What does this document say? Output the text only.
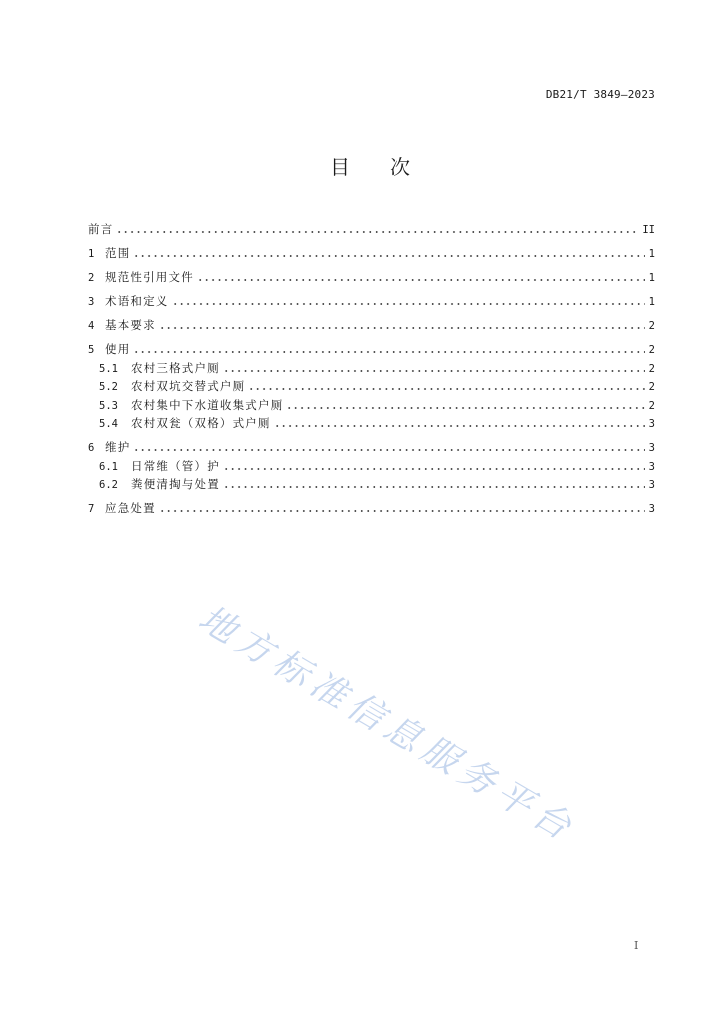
DB21/T 3849—2023
目　　次
前言	II
1 范围	1
2 规范性引用文件	1
3 术语和定义	1
4 基本要求	2
5 使用	2
5.1	农村三格式户厕	2
5.2	农村双坑交替式户厕	2
5.3	农村集中下水道收集式户厕	2
5.4	农村双瓮（双格）式户厕	3
6 维护	3
6.1	日常维（管）护	3
6.2	粪便清掏与处置	3
7 应急处置	3
地方标准信息服务平台
I
